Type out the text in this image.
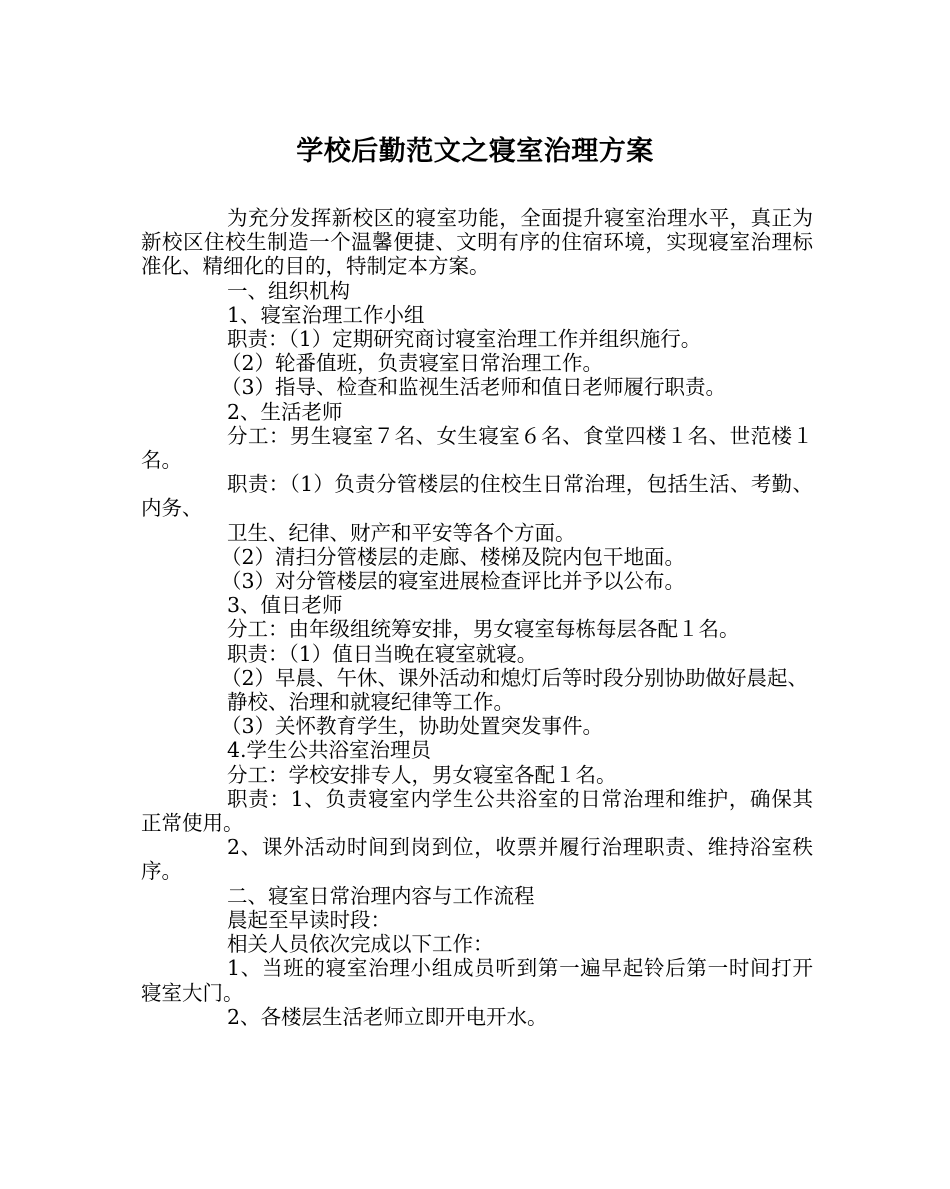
学校后勤范文之寝室治理方案

为充分发挥新校区的寝室功能，全面提升寝室治理水平，真正为新校区住校生制造一个温馨便捷、文明有序的住宿环境，实现寝室治理标准化、精细化的目的，特制定本方案。

一、组织机构

1、寝室治理工作小组

职责：（1）定期研究商讨寝室治理工作并组织施行。

（2）轮番值班，负责寝室日常治理工作。

（3）指导、检查和监视生活老师和值日老师履行职责。

2、生活老师

分工：男生寝室７名、女生寝室６名、食堂四楼１名、世范楼１名。

职责：（1）负责分管楼层的住校生日常治理，包括生活、考勤、内务、

卫生、纪律、财产和平安等各个方面。

（2）清扫分管楼层的走廊、楼梯及院内包干地面。

（3）对分管楼层的寝室进展检查评比并予以公布。

3、值日老师

分工：由年级组统筹安排，男女寝室每栋每层各配１名。

职责：（1）值日当晚在寝室就寝。

（2）早晨、午休、课外活动和熄灯后等时段分别协助做好晨起、

静校、治理和就寝纪律等工作。

（3）关怀教育学生，协助处置突发事件。

4.学生公共浴室治理员

分工：学校安排专人，男女寝室各配１名。

职责：1、负责寝室内学生公共浴室的日常治理和维护，确保其正常使用。

2、课外活动时间到岗到位，收票并履行治理职责、维持浴室秩序。

二、寝室日常治理内容与工作流程

晨起至早读时段：

相关人员依次完成以下工作：

1、当班的寝室治理小组成员听到第一遍早起铃后第一时间打开寝室大门。

2、各楼层生活老师立即开电开水。
